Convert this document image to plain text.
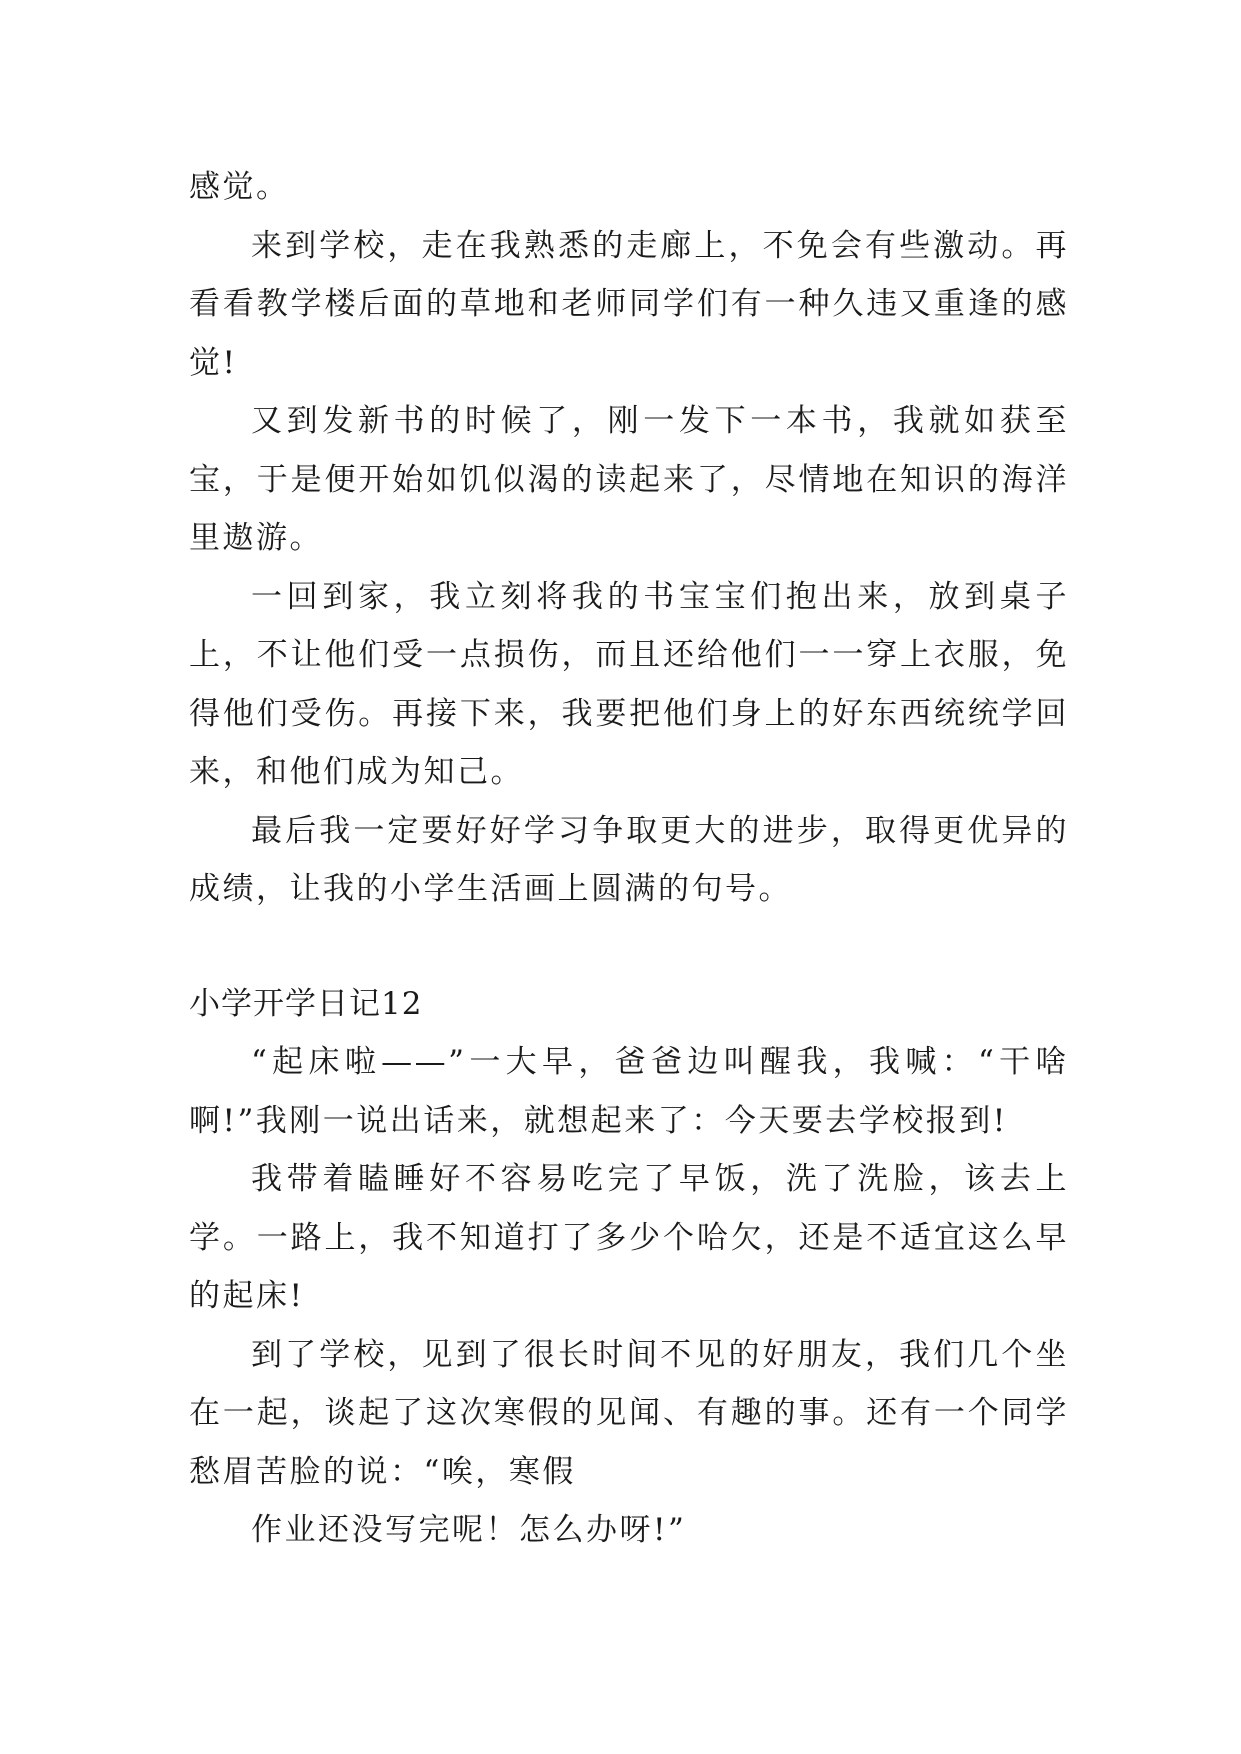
感觉。

来到学校，走在我熟悉的走廊上，不免会有些激动。再看看教学楼后面的草地和老师同学们有一种久违又重逢的感觉!

又到发新书的时候了，刚一发下一本书，我就如获至宝，于是便开始如饥似渴的读起来了，尽情地在知识的海洋里遨游。

一回到家，我立刻将我的书宝宝们抱出来，放到桌子上，不让他们受一点损伤，而且还给他们一一穿上衣服，免得他们受伤。再接下来，我要把他们身上的好东西统统学回来，和他们成为知己。

最后我一定要好好学习争取更大的进步，取得更优异的成绩，让我的小学生活画上圆满的句号。

小学开学日记12

“起床啦——”一大早，爸爸边叫醒我，我喊：“干啥啊!”我刚一说出话来，就想起来了：今天要去学校报到!

我带着瞌睡好不容易吃完了早饭，洗了洗脸，该去上学。一路上，我不知道打了多少个哈欠，还是不适宜这么早的起床!

到了学校，见到了很长时间不见的好朋友，我们几个坐在一起，谈起了这次寒假的见闻、有趣的事。还有一个同学愁眉苦脸的说：“唉，寒假

作业还没写完呢！怎么办呀!”
